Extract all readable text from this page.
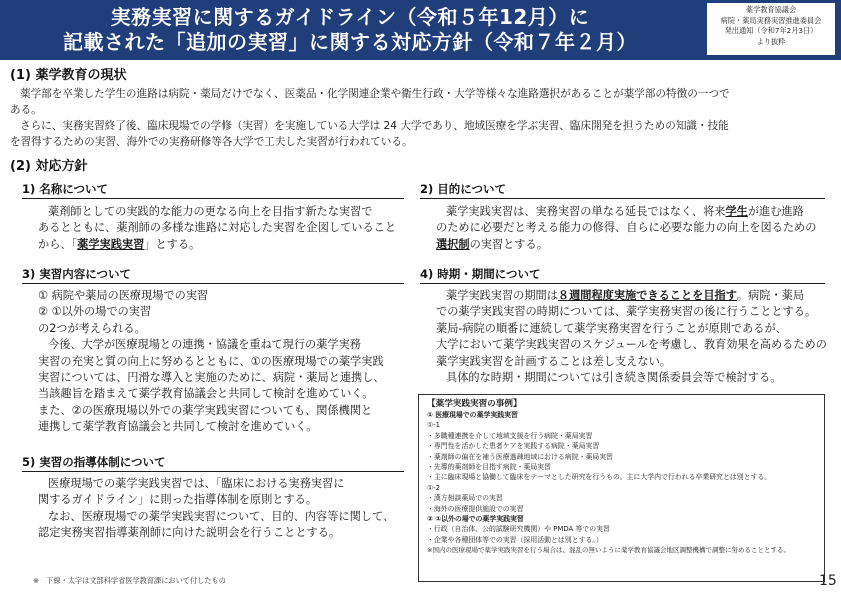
実務実習に関するガイドライン（令和５年12月）に
記載された「追加の実習」に関する対応方針（令和７年２月）
薬学教育協議会
病院・薬局実務実習推進委員会
発出通知（令和7年2月3日）
より抜粋
(1) 薬学教育の現状
薬学部を卒業した学生の進路は病院・薬局だけでなく、医薬品・化学関連企業や衛生行政・大学等様々な進路選択があることが薬学部の特徴の一つで
ある。
さらに、実務実習終了後、臨床現場での学修（実習）を実施している大学は 24 大学であり、地域医療を学ぶ実習、臨床開発を担うための知識・技能
を習得するための実習、海外での実務研修等各大学で工夫した実習が行われている。
(2) 対応方針
1) 名称について
薬剤師としての実践的な能力の更なる向上を目指す新たな実習で
あるとともに、薬剤師の多様な進路に対応した実習を企図していること
から、「薬学実践実習」とする。
2) 目的について
薬学実践実習は、実務実習の単なる延長ではなく、将来学生が進む進路
のために必要だと考える能力の修得、自らに必要な能力の向上を図るための
選択制の実習とする。
3) 実習内容について
① 病院や薬局の医療現場での実習
② ①以外の場での実習
の2つが考えられる。
今後、大学が医療現場との連携・協議を重ねて現行の薬学実務
実習の充実と質の向上に努めるとともに、①の医療現場での薬学実践
実習については、円滑な導入と実施のために、病院・薬局と連携し、
当該趣旨を踏まえて薬学教育協議会と共同して検討を進めていく。
また、②の医療現場以外での薬学実践実習についても、関係機関と
連携して薬学教育協議会と共同して検討を進めていく。
4) 時期・期間について
薬学実践実習の期間は８週間程度実施できることを目指す。病院・薬局
での薬学実践実習の時期については、薬学実務実習の後に行うこととする。
薬局-病院の順番に連続して薬学実務実習を行うことが原則であるが、
大学において薬学実践実習のスケジュールを考慮し、教育効果を高めるための
薬学実践実習を計画することは差し支えない。
具体的な時期・期間については引き続き関係委員会等で検討する。
5) 実習の指導体制について
医療現場での薬学実践実習では、「臨床における実務実習に
関するガイドライン」に則った指導体制を原則とする。
なお、医療現場での薬学実践実習について、目的、内容等に関して、
認定実務実習指導薬剤師に向けた説明会を行うこととする。
【薬学実践実習の事例】
① 医療現場での薬学実践実習
①-1
・多職種連携を介して地域支援を行う病院・薬局実習
・専門性を活かした患者ケアを実践する病院・薬局実習
・薬剤師の偏在を補う医療過疎地域における病院・薬局実習
・先導的薬剤師を目指す病院・薬局実習
・主に臨床現場と協働して臨床をテーマとした研究を行うもの。主に大学内で行われる卒業研究とは別とする。
①-2
・漢方相談薬局での実習
・海外の医療提供施設での実習
② ①以外の場での薬学実践実習
・行政（自治体、公的試験研究機関）や PMDA 等での実習
・企業や各種団体等での実習（採用活動とは別とする。）
※国内の医療現場で薬学実践実習を行う場合は、混乱の無いように薬学教育協議会地区調整機構で調整に努めることとする。
※　下線・太字は文部科学省医学教育課において付したもの	15
